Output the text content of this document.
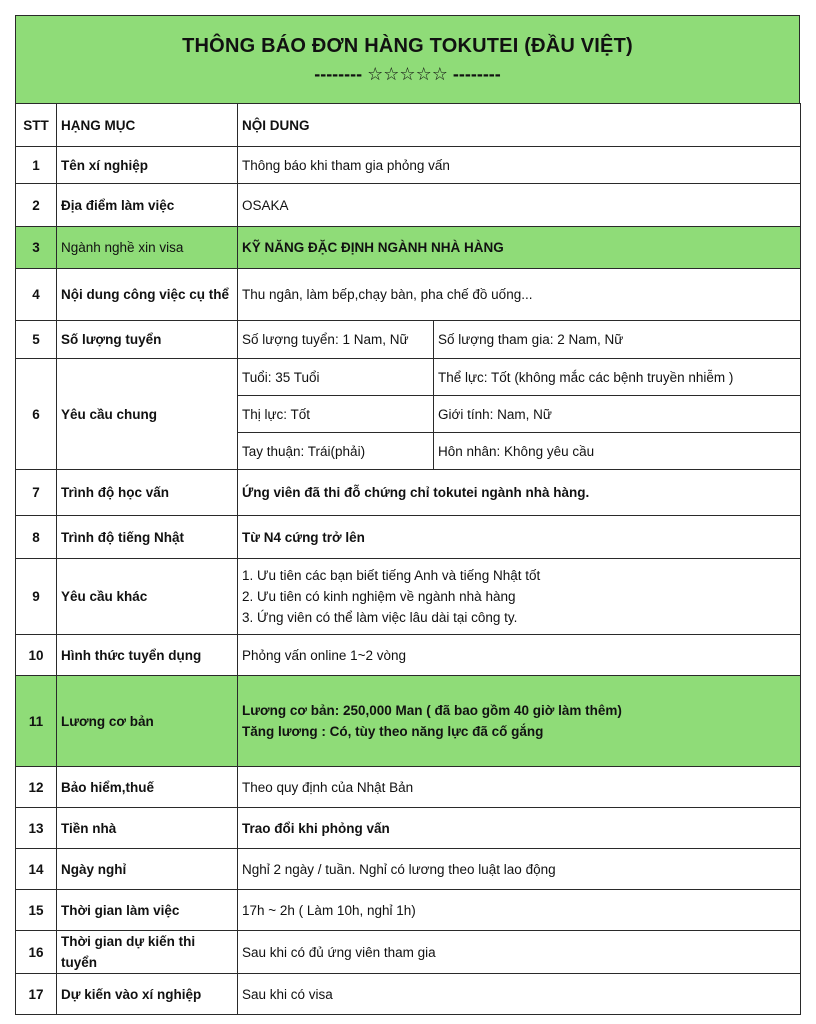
THÔNG BÁO ĐƠN HÀNG TOKUTEI (ĐẦU VIỆT)
-------- ☆☆☆☆☆ --------
STT	HẠNG MỤC	NỘI DUNG	
1	Tên xí nghiệp	Thông báo khi tham gia phỏng vấn	
2	Địa điểm làm việc	OSAKA	
3	Ngành nghề xin visa	KỸ NĂNG ĐẶC ĐỊNH NGÀNH NHÀ HÀNG	
4	Nội dung công việc cụ thể	Thu ngân, làm bếp,chạy bàn, pha chế đồ uống...	
5	Số lượng tuyển	Số lượng tuyển: 1 Nam, Nữ	Số lượng tham gia: 2 Nam, Nữ
6	Yêu cầu chung	Tuổi: 35 Tuổi	Thể lực: Tốt (không mắc các bệnh truyền nhiễm )
		Thị lực: Tốt	Giới tính: Nam, Nữ
		Tay thuận: Trái(phải)	Hôn nhân: Không yêu cầu
7	Trình độ học vấn	Ứng viên đã thi đỗ chứng chỉ tokutei ngành nhà hàng.	
8	Trình độ tiếng Nhật	Từ N4 cứng trở lên	
9	Yêu cầu khác	1. Ưu tiên các bạn biết tiếng Anh và tiếng Nhật tốt
2. Ưu tiên có kinh nghiệm về ngành nhà hàng
3. Ứng viên có thể làm việc lâu dài tại công ty.	

10	Hình thức tuyển dụng	Phỏng vấn online 1~2 vòng	
11	Lương cơ bản	Lương cơ bản: 250,000 Man ( đã bao gồm 40 giờ làm thêm)
Tăng lương : Có, tùy theo năng lực đã cố gắng	

12	Bảo hiểm,thuế	Theo quy định của Nhật Bản	
13	Tiền nhà	Trao đổi khi phỏng vấn	
14	Ngày nghỉ	Nghỉ 2 ngày / tuần. Nghỉ có lương theo luật lao động	
15	Thời gian làm việc	17h ~ 2h ( Làm 10h, nghỉ 1h)	
16	Thời gian dự kiến thi tuyển	Sau khi có đủ ứng viên tham gia	
17	Dự kiến vào xí nghiệp	Sau khi có visa	
